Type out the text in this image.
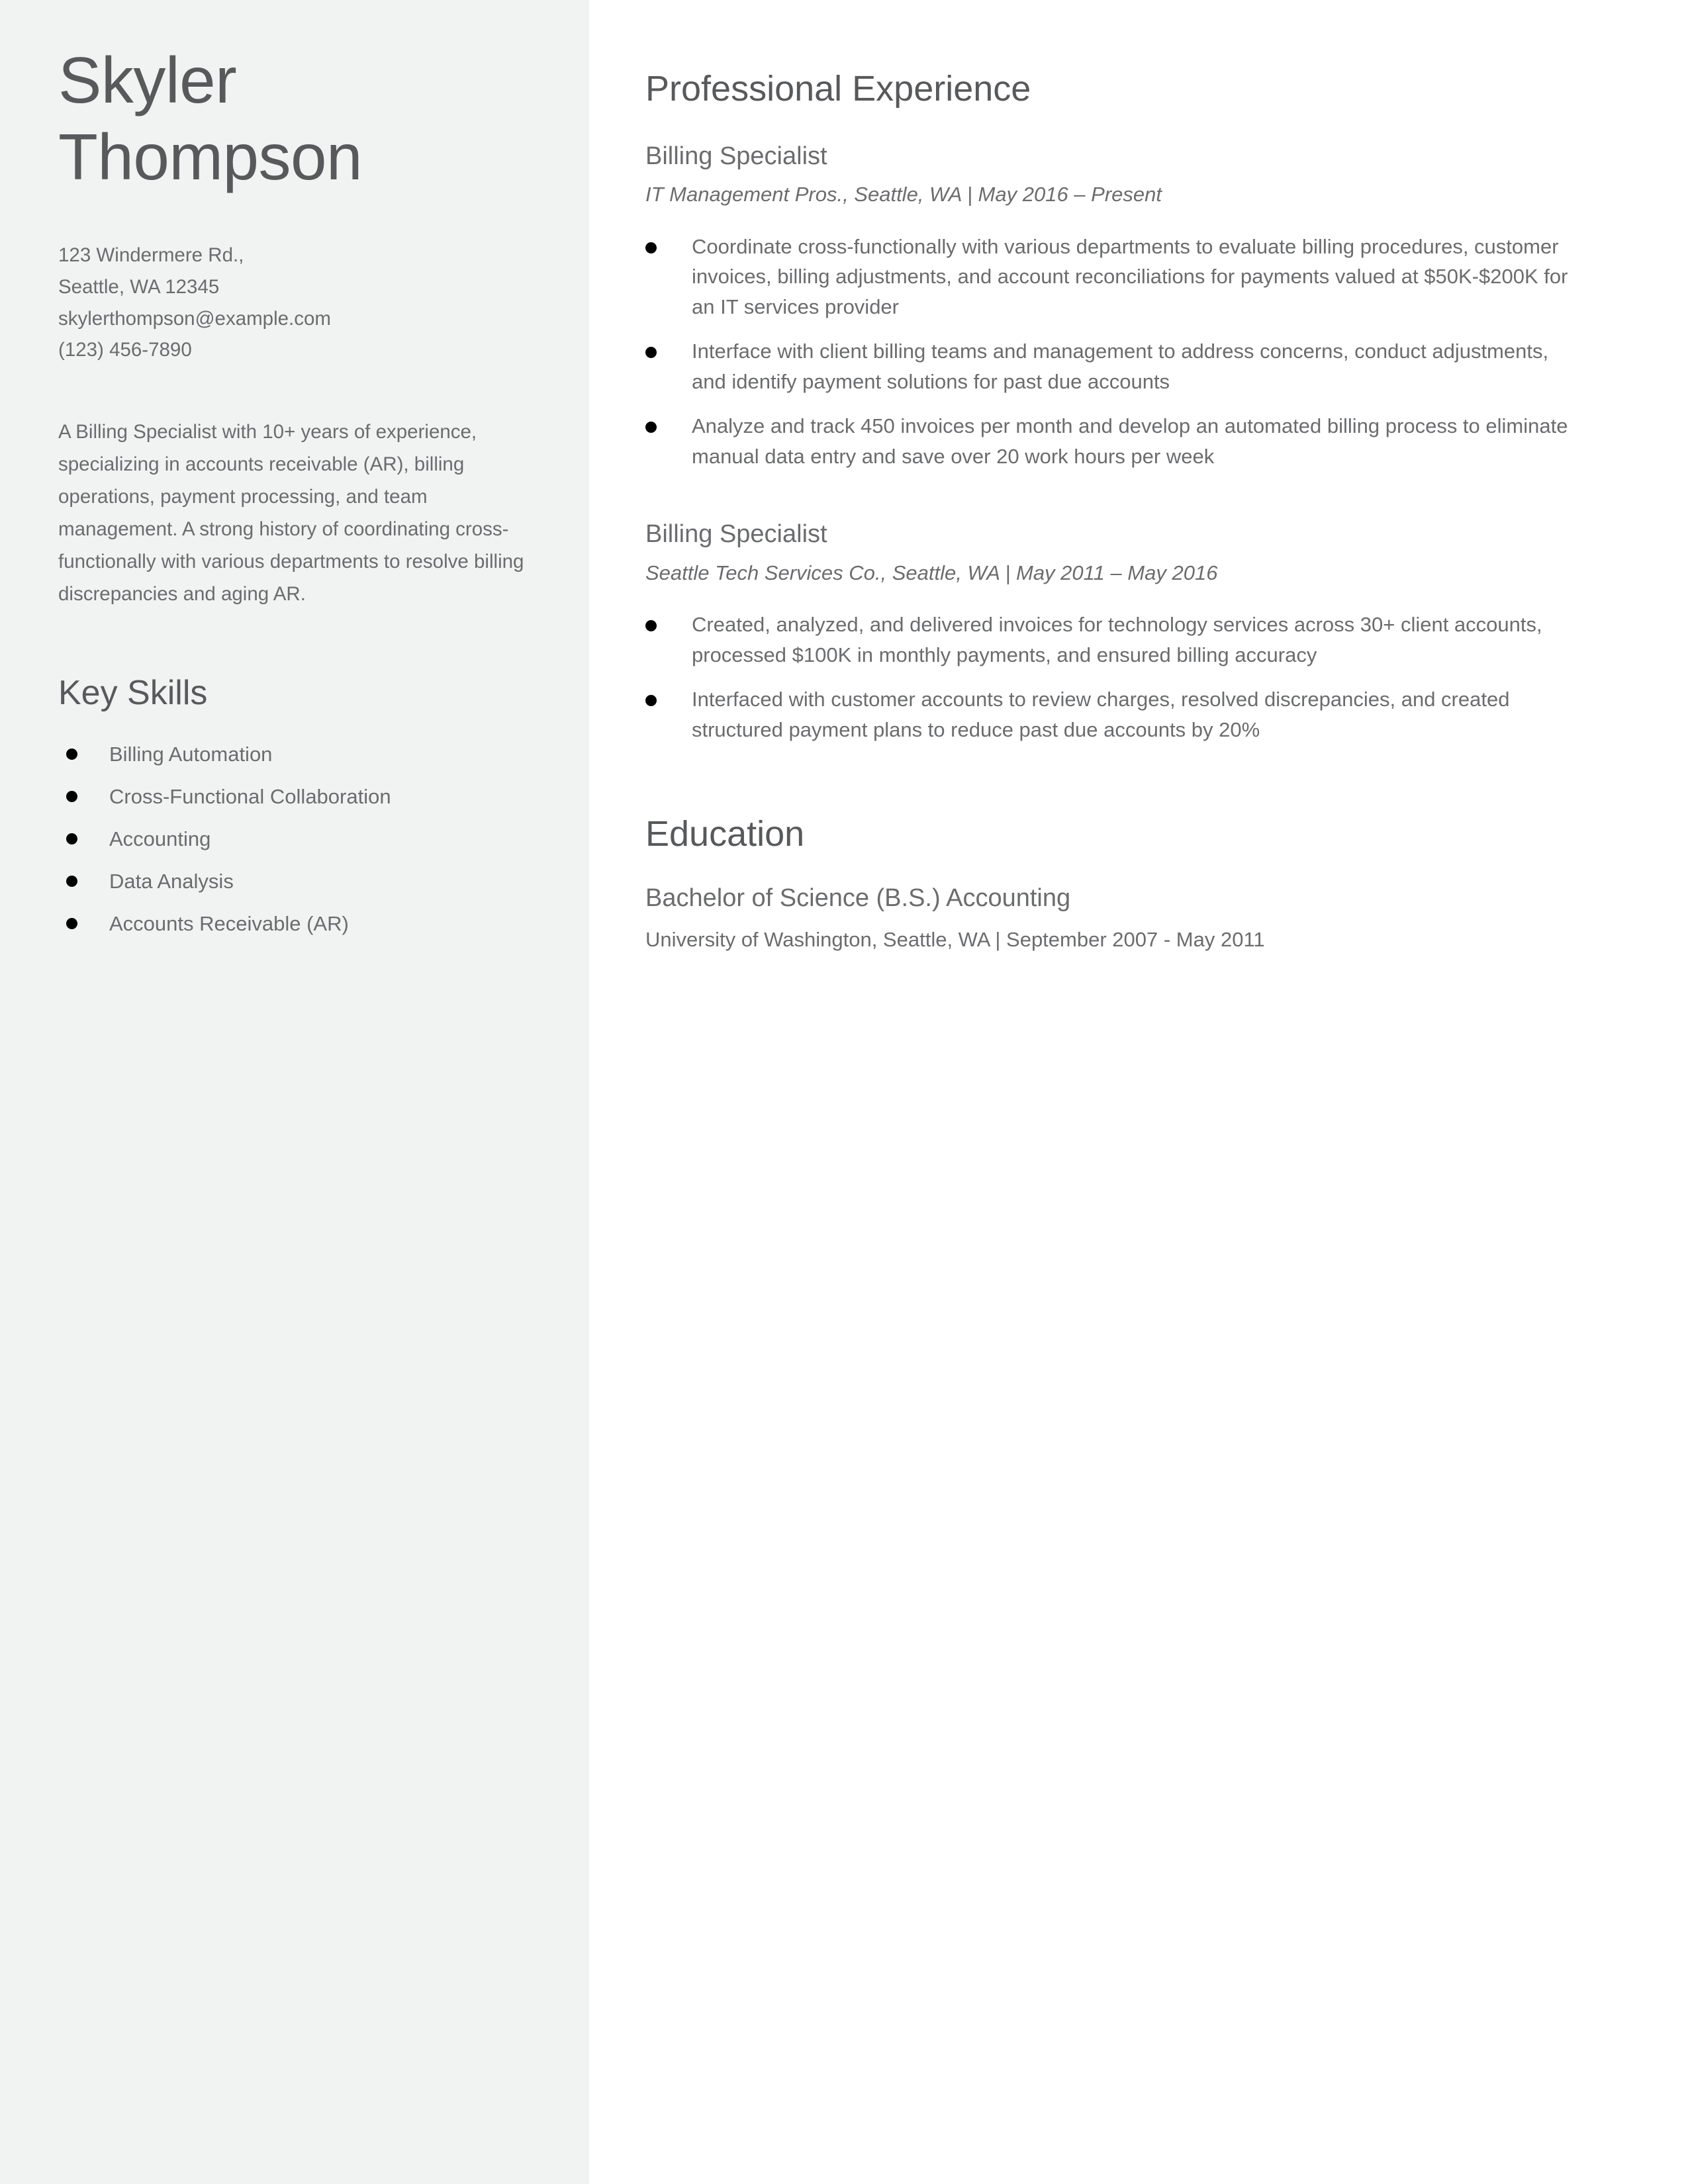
Skyler
Thompson
123 Windermere Rd.,
Seattle, WA 12345
skylerthompson@example.com
(123) 456-7890

A Billing Specialist with 10+ years of experience, specializing in accounts receivable (AR), billing operations, payment processing, and team management. A strong history of coordinating cross-functionally with various departments to resolve billing discrepancies and aging AR.

Key Skills
Billing Automation
Cross-Functional Collaboration
Accounting
Data Analysis
Accounts Receivable (AR)
Professional Experience
Billing Specialist
IT Management Pros., Seattle, WA | May 2016 – Present
Coordinate cross-functionally with various departments to evaluate billing procedures, customer invoices, billing adjustments, and account reconciliations for payments valued at $50K-$200K for an IT services provider
Interface with client billing teams and management to address concerns, conduct adjustments, and identify payment solutions for past due accounts
Analyze and track 450 invoices per month and develop an automated billing process to eliminate manual data entry and save over 20 work hours per week
Billing Specialist
Seattle Tech Services Co., Seattle, WA | May 2011 – May 2016
Created, analyzed, and delivered invoices for technology services across 30+ client accounts, processed $100K in monthly payments, and ensured billing accuracy
Interfaced with customer accounts to review charges, resolved discrepancies, and created structured payment plans to reduce past due accounts by 20%
Education
Bachelor of Science (B.S.) Accounting
University of Washington, Seattle, WA | September 2007 - May 2011
